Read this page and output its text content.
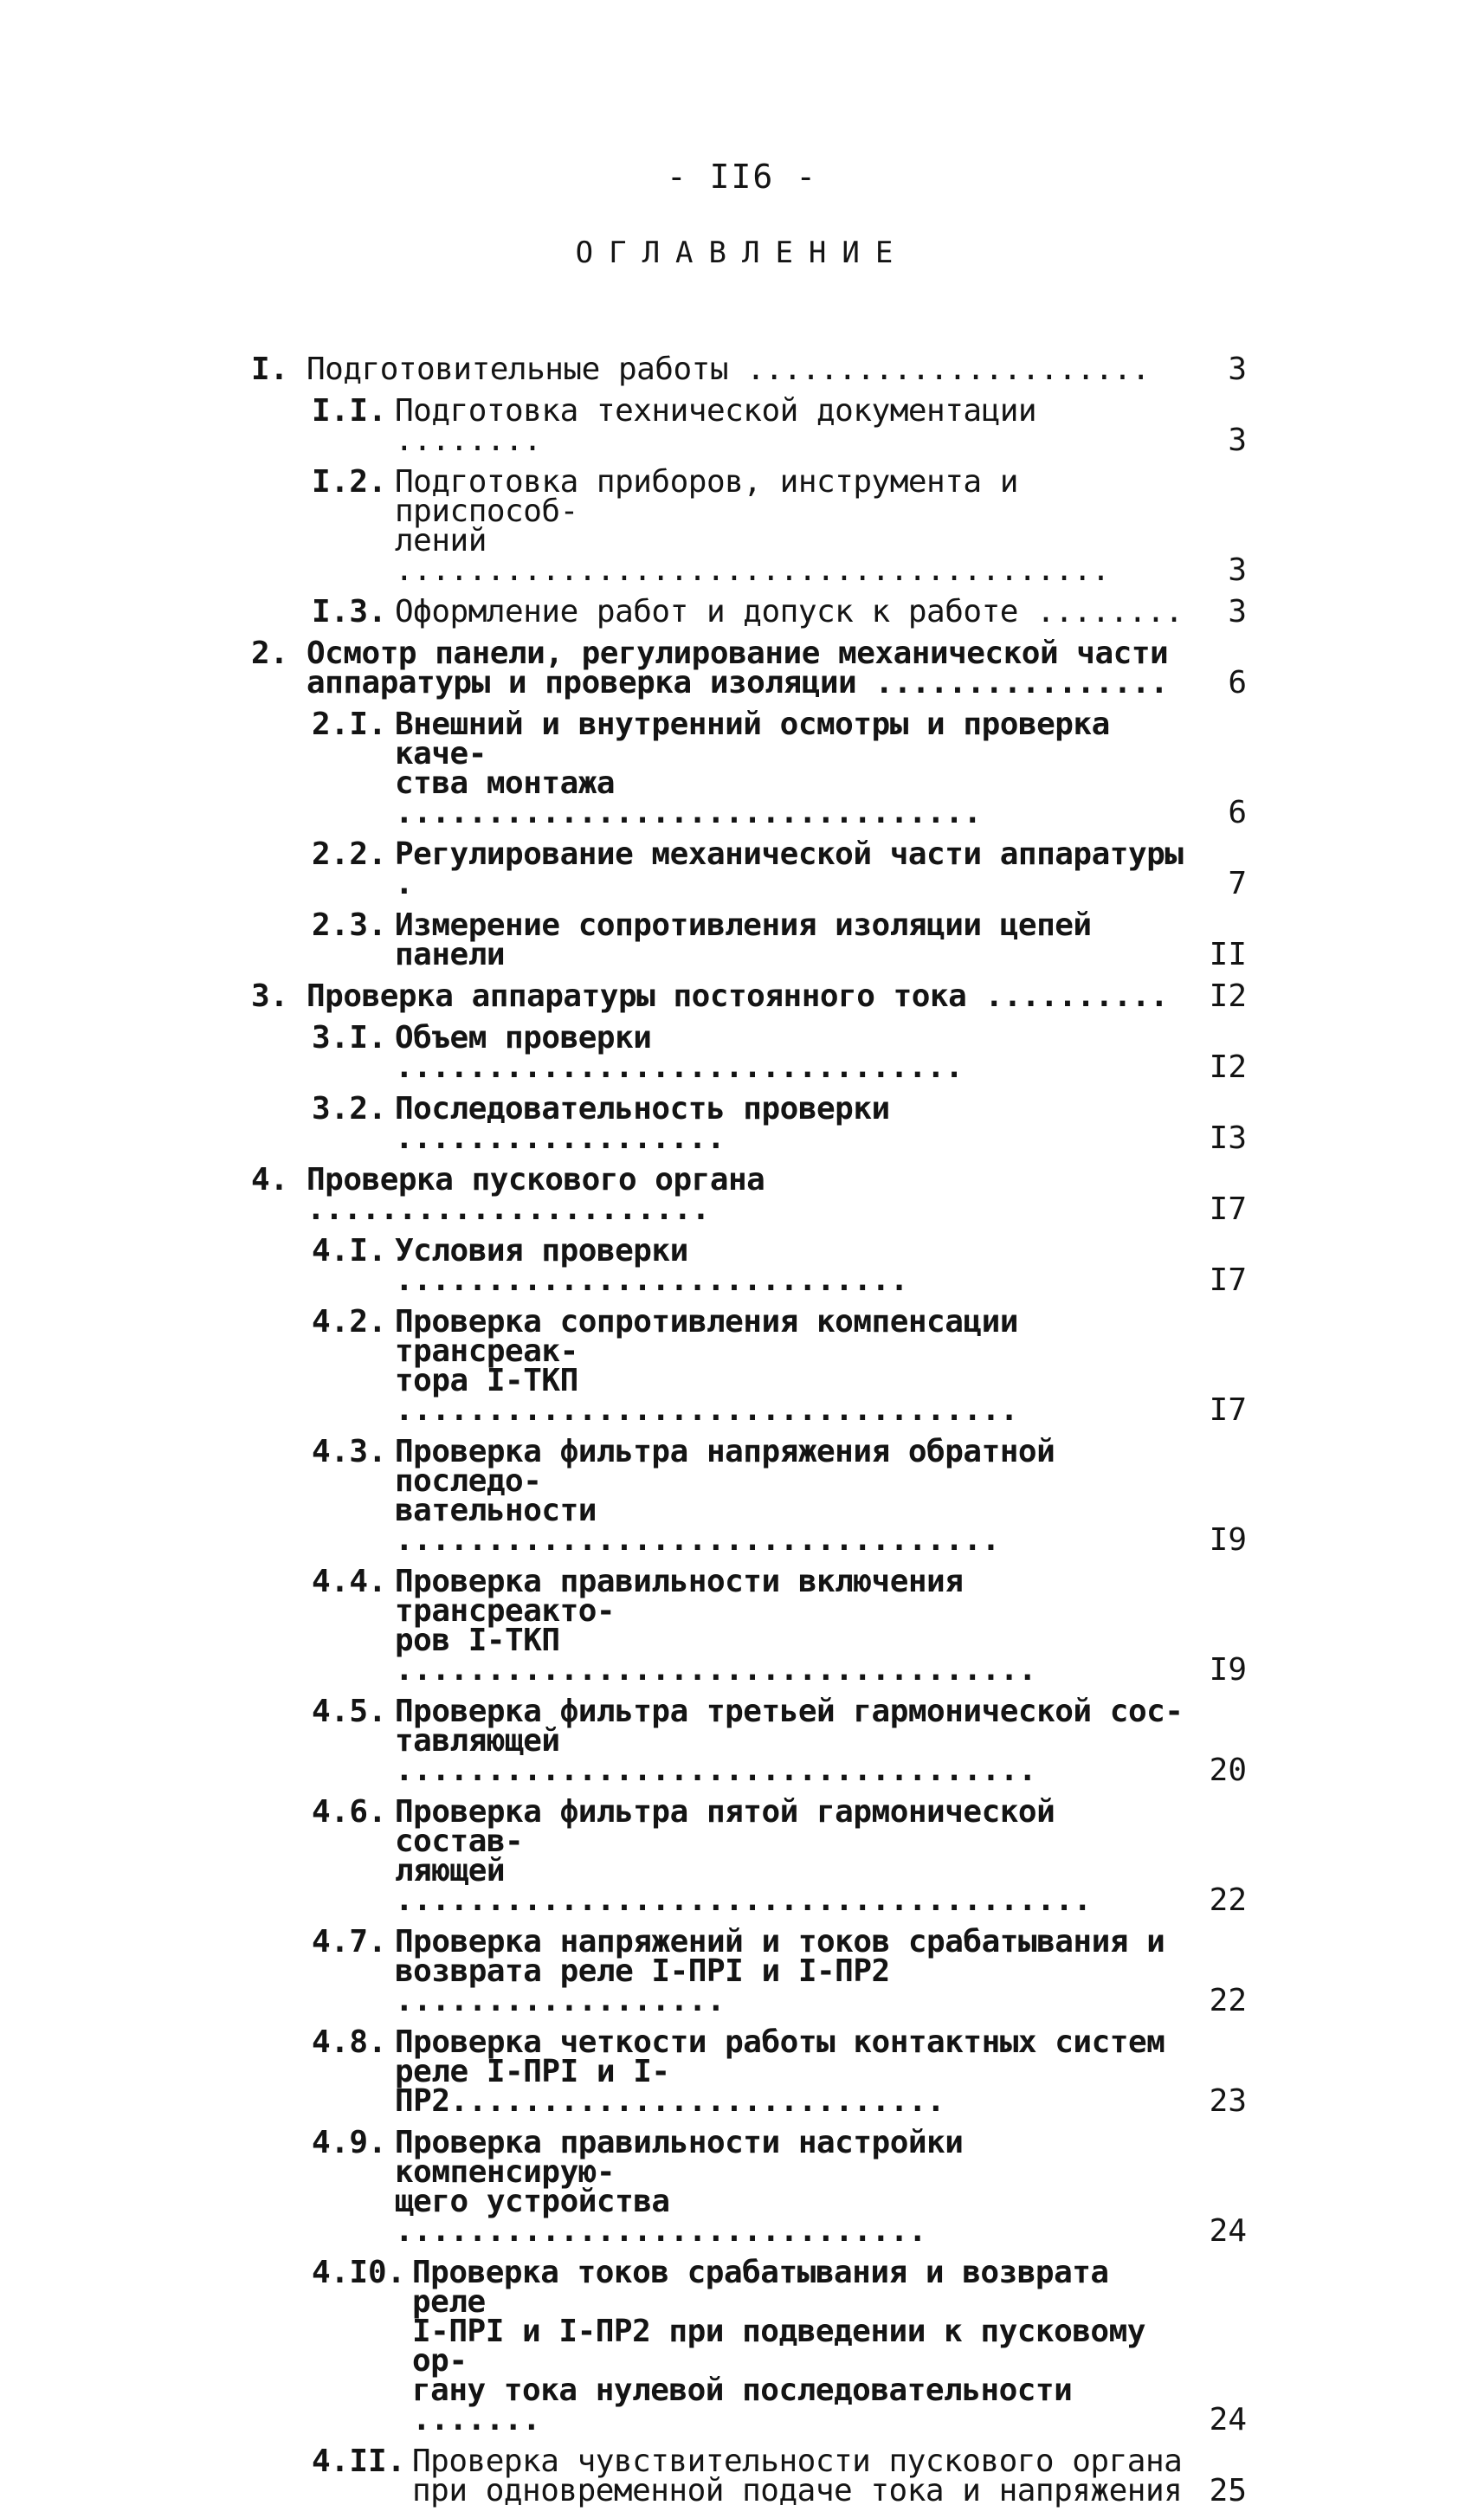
- II6 -
ОГЛАВЛЕНИЕ
I. Подготовительные работы ......................	3
I.I. Подготовка технической документации ........	3
I.2. Подготовка приборов, инструмента и приспособ-
лений .......................................	3
I.3. Оформление работ и допуск к работе ........	3
2. Осмотр панели, регулирование механической части
аппаратуры и проверка изоляции ................	6
2.I. Внешний и внутренний осмотры и проверка каче-
ства монтажа ................................	6
2.2. Регулирование механической части аппаратуры .	7
2.3. Измерение сопротивления изоляции цепей панели	II
3. Проверка аппаратуры постоянного тока ..........	I2
3.I. Объем проверки ...............................	I2
3.2. Последовательность проверки ..................	I3
4. Проверка пускового органа ......................	I7
4.I. Условия проверки ............................	I7
4.2. Проверка сопротивления компенсации трансреак-
тора I-ТКП ..................................	I7
4.3. Проверка фильтра напряжения обратной последо-
вательности .................................	I9
4.4. Проверка правильности включения трансреакто-
ров I-ТКП ...................................	I9
4.5. Проверка фильтра третьей гармонической сос-
тавляющей ...................................	20
4.6. Проверка фильтра пятой гармонической состав-
ляющей ......................................	22
4.7. Проверка напряжений и токов срабатывания и
возврата реле I-ПРI и I-ПР2 ..................	22
4.8. Проверка четкости работы контактных систем
реле I-ПРI и I-ПР2...........................	23
4.9. Проверка правильности настройки компенсирую-
щего устройства .............................	24
4.I0. Проверка токов срабатывания и возврата реле
I-ПРI и I-ПР2 при подведении к пусковому ор-
гану тока нулевой последовательности .......	24
4.II. Проверка чувствительности пускового органа
при одновременной подаче тока и напряжения 25
